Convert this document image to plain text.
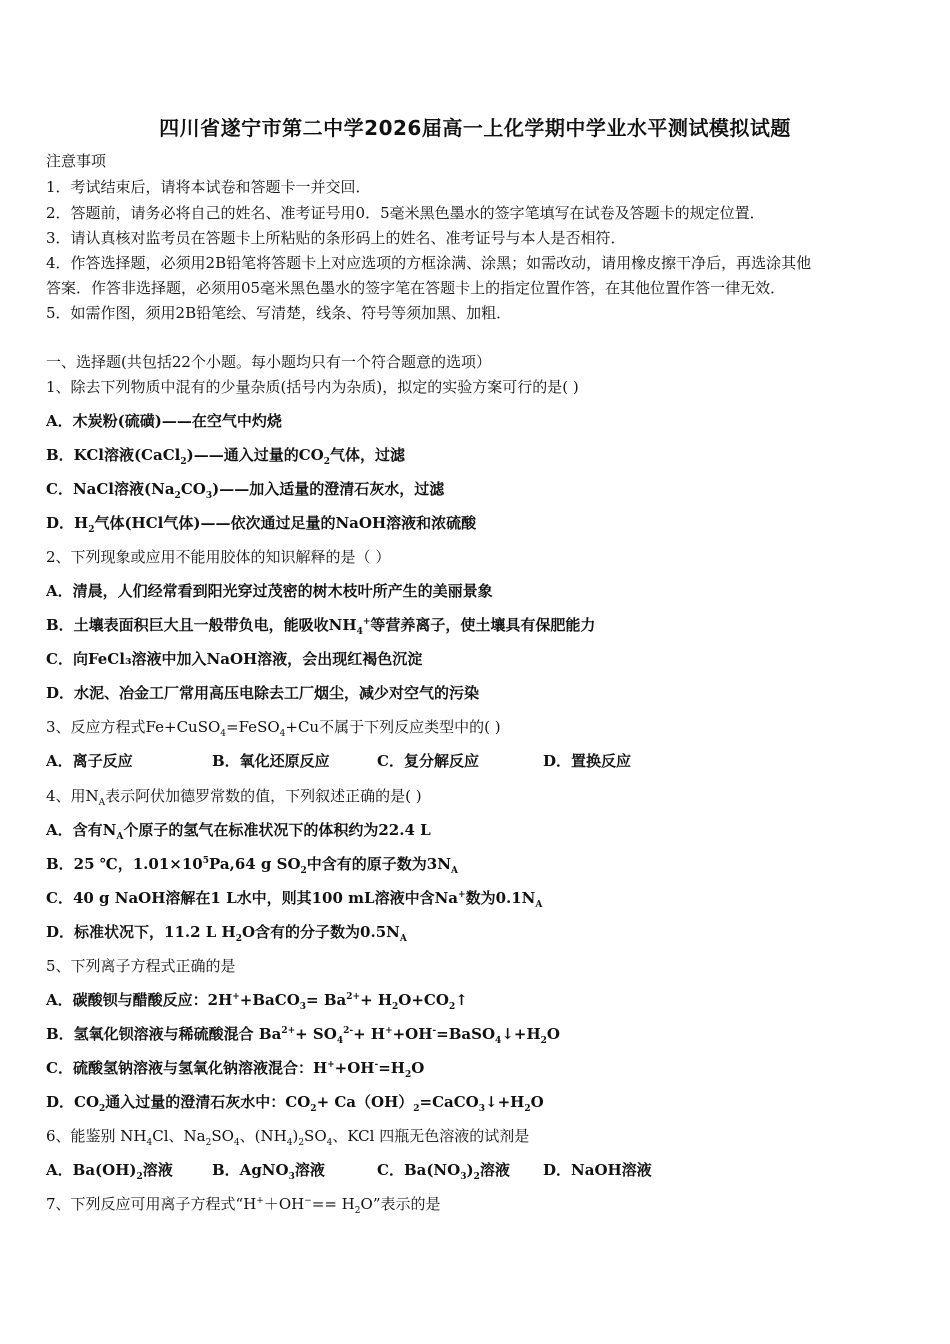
四川省遂宁市第二中学2026届高一上化学期中学业水平测试模拟试题
注意事项
1．考试结束后，请将本试卷和答题卡一并交回．
2．答题前，请务必将自己的姓名、准考证号用0．5毫米黑色墨水的签字笔填写在试卷及答题卡的规定位置．
3．请认真核对监考员在答题卡上所粘贴的条形码上的姓名、准考证号与本人是否相符．
4．作答选择题，必须用2B铅笔将答题卡上对应选项的方框涂满、涂黑；如需改动，请用橡皮擦干净后，再选涂其他
答案．作答非选择题，必须用05毫米黑色墨水的签字笔在答题卡上的指定位置作答，在其他位置作答一律无效．
5．如需作图，须用2B铅笔绘、写清楚，线条、符号等须加黑、加粗．
一、选择题(共包括22个小题。每小题均只有一个符合题意的选项）
1、除去下列物质中混有的少量杂质(括号内为杂质)，拟定的实验方案可行的是( )
A．木炭粉(硫磺)——在空气中灼烧
B．KCl溶液(CaCl$_2$)——通入过量的$CO_2$气体，过滤
C．NaCl溶液$(Na_2CO_3)——$加入适量的澄清石灰水，过滤
D．$H_2$气体(HCl气体)——依次通过足量的NaOH溶液和浓硫酸
2、下列现象或应用不能用胶体的知识解释的是（ ）
A．清晨，人们经常看到阳光穿过茂密的树木枝叶所产生的美丽景象
B．土壤表面积巨大且一般带负电，能吸收$NH_4^+$等营养离子，使土壤具有保肥能力
C．向FeCl₃溶液中加入NaOH溶液，会出现红褐色沉淀
D．水泥、冶金工厂常用高压电除去工厂烟尘，减少对空气的污染
3、反应方程式Fe+CuSO$_4$=FeSO$_4$+Cu不属于下列反应类型中的( )
A．离子反应	B．氧化还原反应	C．复分解反应	D．置换反应
4、用$N_A$表示阿伏加德罗常数的值，下列叙述正确的是( )
A．含有$N_A$个原子的氢气在标准状况下的体积约为22.4 L
B．25 ℃，$1.01\times 10^5Pa,64$ g $SO_2$中含有的原子数为$3N_A$
C．40 g NaOH溶解在1 L水中，则其100 mL溶液中含Na+数为$0.1N_A$
D．标准状况下，11.2 L $H_2O$含有的分子数为$0.5N_A$
5、下列离子方程式正确的是
A．碳酸钡与醋酸反应：2H++BaCO$_3$= $Ba^{2+}+$ $H_2O+CO_2↑$
B．氢氧化钡溶液与稀硫酸混合 $Ba^{2+}+ SO_4^{2-}+$ $H^++OH^-=BaSO_4↓+H_2O$
C．硫酸氢钠溶液与氢氧化钠溶液混合：$H^++OH^-=H_2O$
D．$CO_2$通入过量的澄清石灰水中：$CO_2+$ $Ca(OH)_2=CaCO_3↓+H_2O$
6、能鉴别 $NH_4Cl$、$Na_2SO_4$、$(NH_4)_2SO_4$、KCl 四瓶无色溶液的试剂是
A．$Ba(OH)_2$溶液	B．AgNO$_3$溶液	C．$Ba(NO_3)_2$溶液 D．NaOH溶液
7、下列反应可用离子方程式“$H^++OH^-== H_2O$”表示的是
